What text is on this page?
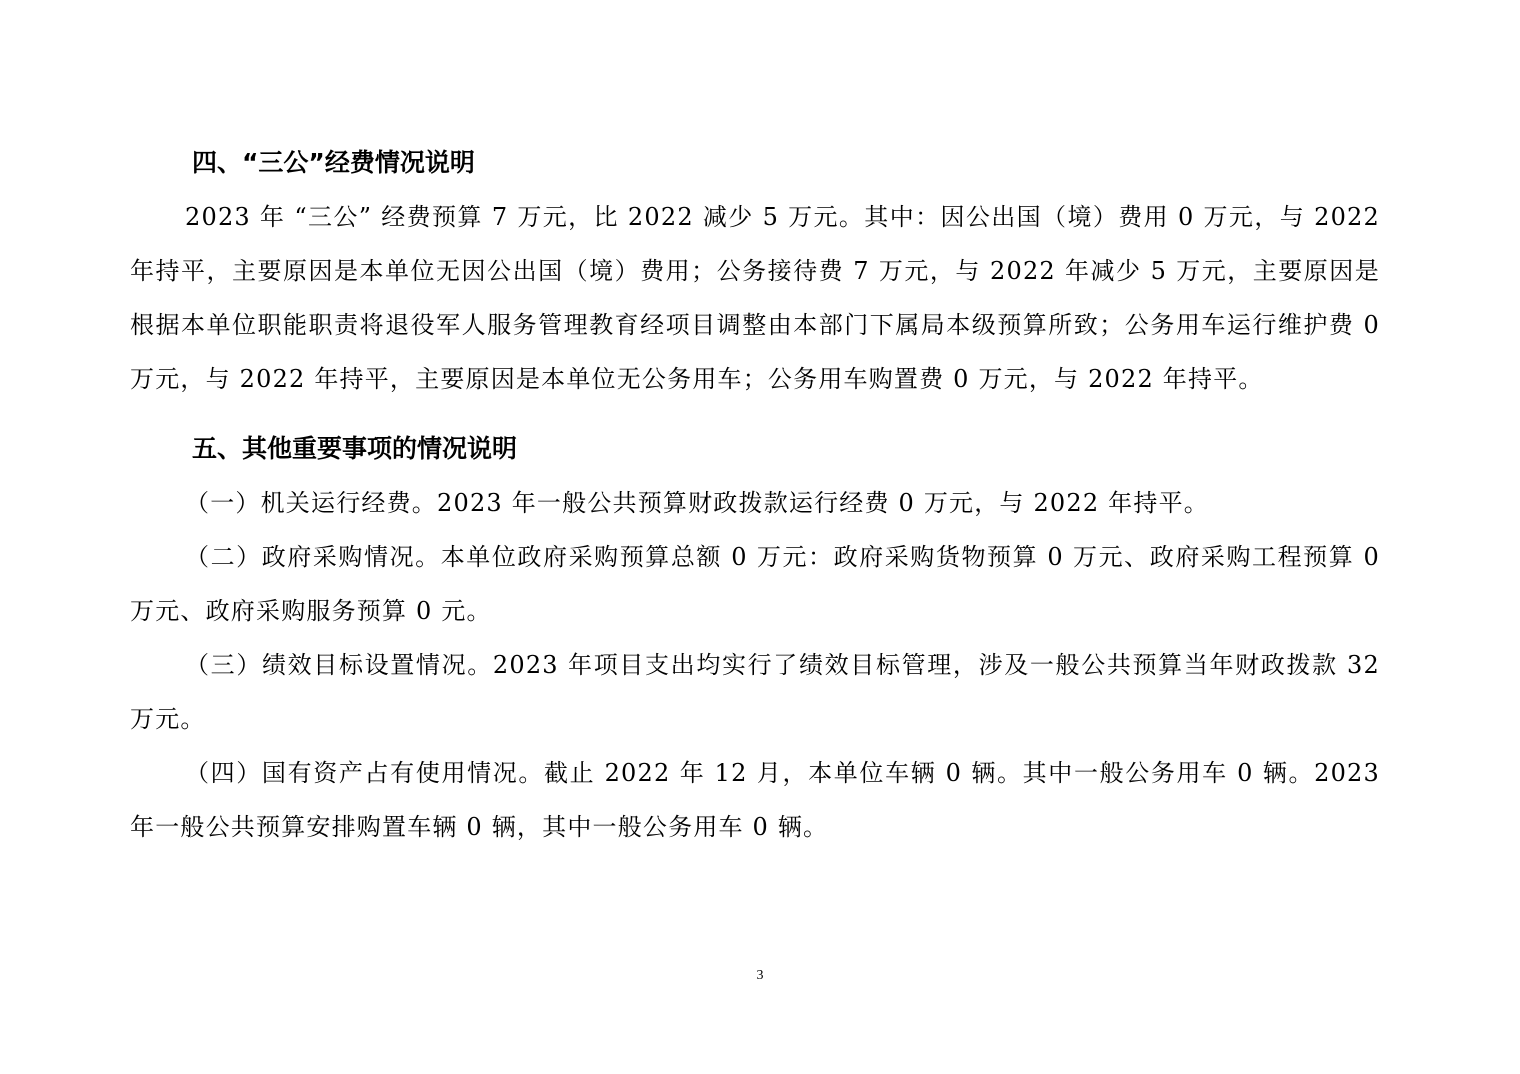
四、“三公”经费情况说明

2023 年 “三公” 经费预算 7 万元，比 2022 减少 5 万元。其中：因公出国（境）费用 0 万元，与 2022 年持平，主要原因是本单位无因公出国（境）费用；公务接待费 7 万元，与 2022 年减少 5 万元，主要原因是根据本单位职能职责将退役军人服务管理教育经项目调整由本部门下属局本级预算所致；公务用车运行维护费 0 万元，与 2022 年持平，主要原因是本单位无公务用车；公务用车购置费 0 万元，与 2022 年持平。

五、其他重要事项的情况说明

（一）机关运行经费。2023 年一般公共预算财政拨款运行经费 0 万元，与 2022 年持平。

（二）政府采购情况。本单位政府采购预算总额 0 万元：政府采购货物预算 0 万元、政府采购工程预算 0 万元、政府采购服务预算 0 元。

（三）绩效目标设置情况。2023 年项目支出均实行了绩效目标管理，涉及一般公共预算当年财政拨款 32 万元。

（四）国有资产占有使用情况。截止 2022 年 12 月，本单位车辆 0 辆。其中一般公务用车 0 辆。2023 年一般公共预算安排购置车辆 0 辆，其中一般公务用车 0 辆。

3
